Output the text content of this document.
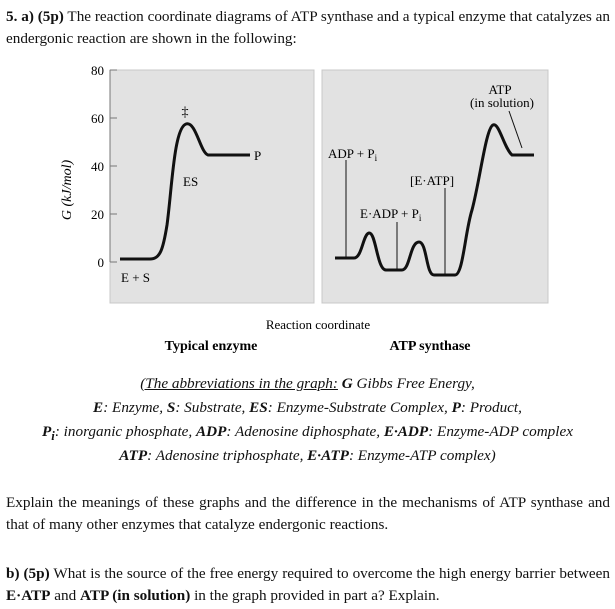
5. a) (5p) The reaction coordinate diagrams of ATP synthase and a typical enzyme that catalyzes an endergonic reaction are shown in the following:
80
60
40
20
0
G (kJ/mol)
‡
ES
P
E + S
ADP + $P_i$
[E·ATP]
$E\cdot ADP + P_i$
ATP
(in solution)
Reaction coordinate
Typical enzyme	ATP synthase
(The abbreviations in the graph: G Gibbs Free Energy,
E: Enzyme, S: Substrate, ES: Enzyme-Substrate Complex, P: Product,
$P_i$: inorganic phosphate, ADP: Adenosine diphosphate, E·ADP: Enzyme-ADP complex
ATP: Adenosine triphosphate, E·ATP: Enzyme-ATP complex)
Explain the meanings of these graphs and the difference in the mechanisms of ATP synthase and that of many other enzymes that catalyze endergonic reactions.
b) (5p) What is the source of the free energy required to overcome the high energy barrier between E·ATP and ATP (in solution) in the graph provided in part a? Explain.
